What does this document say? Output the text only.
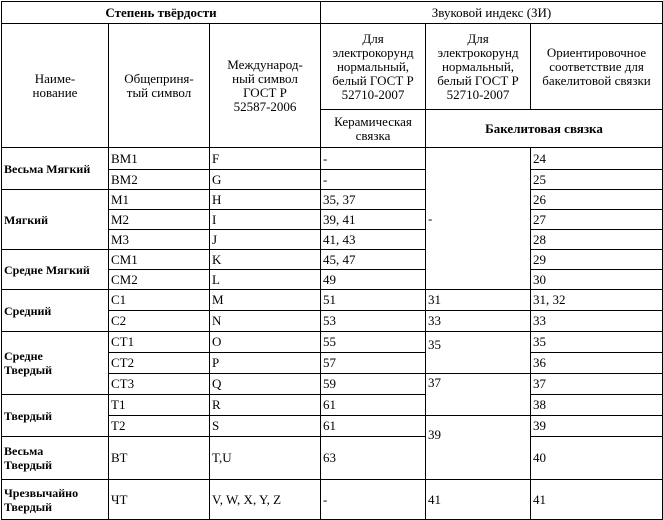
Степень твёрдости			Звуковой индекс (ЗИ)		
Наиме-
нование	Общеприня-
тый символ	Международ-
ный символ
ГОСТ Р
52587-2006	Для
электрокорунд
нормальный,
белый ГОСТ Р
52710-2007	Для
электрокорунд
нормальный,
белый ГОСТ Р
52710-2007	Ориентировочное
соответствие для
бакелитовой связки
			Керамическая
связка	Бакелитовая связка	
Весьма Мягкий	ВМ1	F	-	-	24
	ВМ2	G	-		25
Мягкий	М1	H	35, 37		26
	М2	I	39, 41		27
	М3	J	41, 43		28
Средне Мягкий	СМ1	K	45, 47		29
	СМ2	L	49		30
Средний	С1	M	51	31	31, 32
	С2	N	53	33	33
Средне
Твердый	СТ1	O	55	35	35
	СТ2	P	57		36
	СТ3	Q	59	37	37
Твердый	Т1	R	61		38
	Т2	S	61	39	39
Весьма
Твердый	ВТ	T,U	63		40
Чрезвычайно
Твердый	ЧТ	V, W, X, Y, Z	-	41	41
